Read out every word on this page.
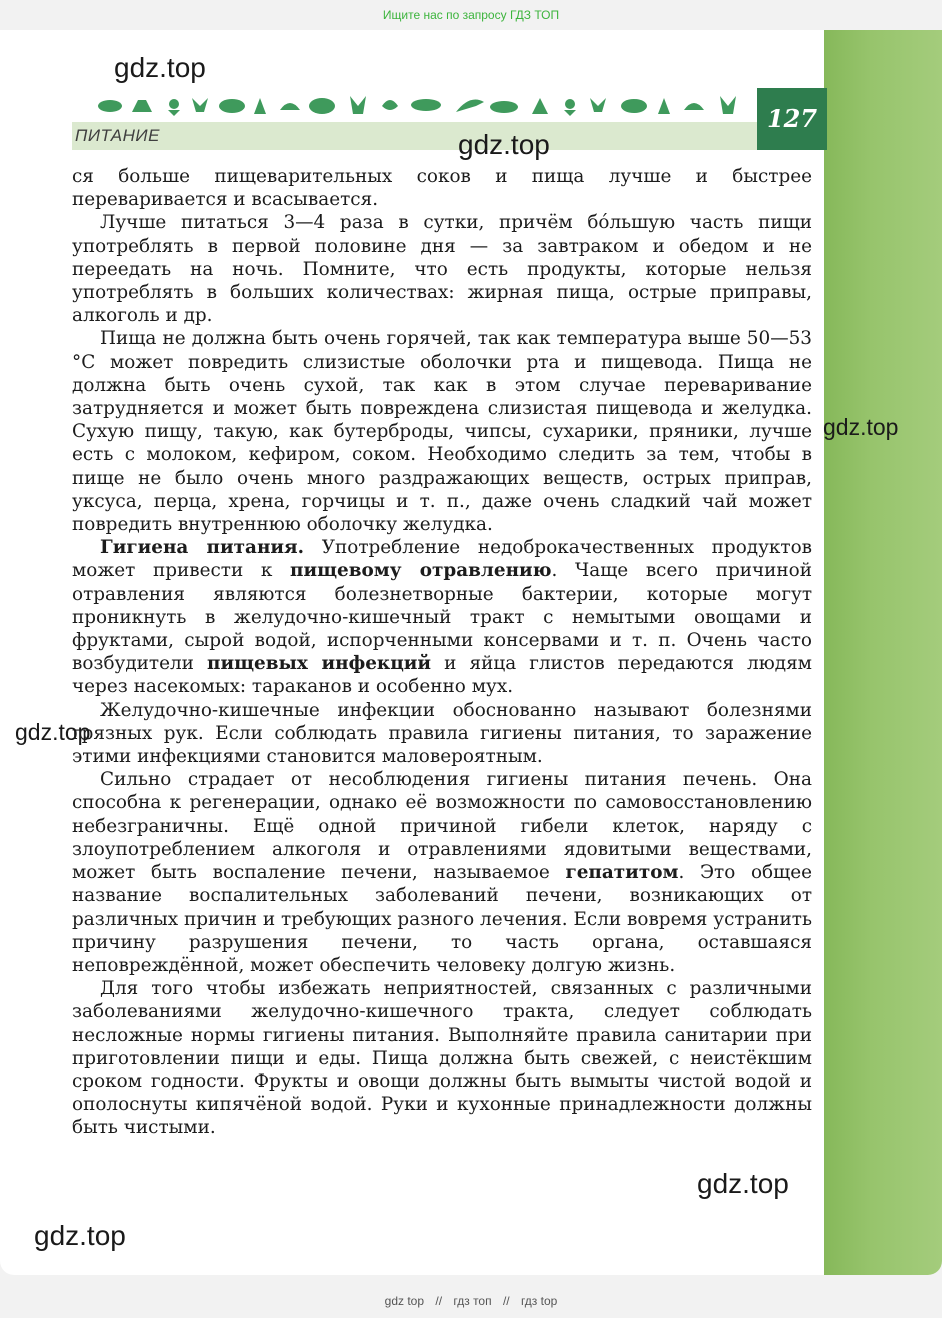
Ищите нас по запросу ГДЗ ТОП
ПИТАНИЕ
127

ся больше пищеварительных соков и пища лучше и быстрее переваривается и всасывается.

Лучше питаться 3—4 раза в сутки, причём бóльшую часть пищи употреблять в первой половине дня — за завтраком и обедом и не переедать на ночь. Помните, что есть продукты, которые нельзя употреблять в больших количествах: жирная пища, острые приправы, алкоголь и др.

Пища не должна быть очень горячей, так как температура выше 50—53 °С может повредить слизистые оболочки рта и пищевода. Пища не должна быть очень сухой, так как в этом случае переваривание затрудняется и может быть повреждена слизистая пищевода и желудка. Сухую пищу, такую, как бутерброды, чипсы, сухарики, пряники, лучше есть с молоком, кефиром, соком. Необходимо следить за тем, чтобы в пище не было очень много раздражающих веществ, острых приправ, уксуса, перца, хрена, горчицы и т. п., даже очень сладкий чай может повредить внутреннюю оболочку желудка.

Гигиена питания. Употребление недоброкачественных продуктов может привести к пищевому отравлению. Чаще всего причиной отравления являются болезнетворные бактерии, которые могут проникнуть в желудочно-кишечный тракт с немытыми овощами и фруктами, сырой водой, испорченными консервами и т. п. Очень часто возбудители пищевых инфекций и яйца глистов передаются людям через насекомых: тараканов и особенно мух.

Желудочно-кишечные инфекции обоснованно называют болезнями грязных рук. Если соблюдать правила гигиены питания, то заражение этими инфекциями становится маловероятным.

Сильно страдает от несоблюдения гигиены питания печень. Она способна к регенерации, однако её возможности по самовосстановлению небезграничны. Ещё одной причиной гибели клеток, наряду с злоупотреблением алкоголя и отравлениями ядовитыми веществами, может быть воспаление печени, называемое гепатитом. Это общее название воспалительных заболеваний печени, возникающих от различных причин и требующих разного лечения. Если вовремя устранить причину разрушения печени, то часть органа, оставшаяся неповреждённой, может обеспечить человеку долгую жизнь.

Для того чтобы избежать неприятностей, связанных с различными заболеваниями желудочно-кишечного тракта, следует соблюдать несложные нормы гигиены питания. Выполняйте правила санитарии при приготовлении пищи и еды. Пища должна быть свежей, с неистёкшим сроком годности. Фрукты и овощи должны быть вымыты чистой водой и ополоснуты кипячёной водой. Руки и кухонные принадлежности должны быть чистыми.

gdz.top
gdz.top
gdz.top
gdz.top
gdz.top
gdz.top
gdz top // гдз топ // гдз top
